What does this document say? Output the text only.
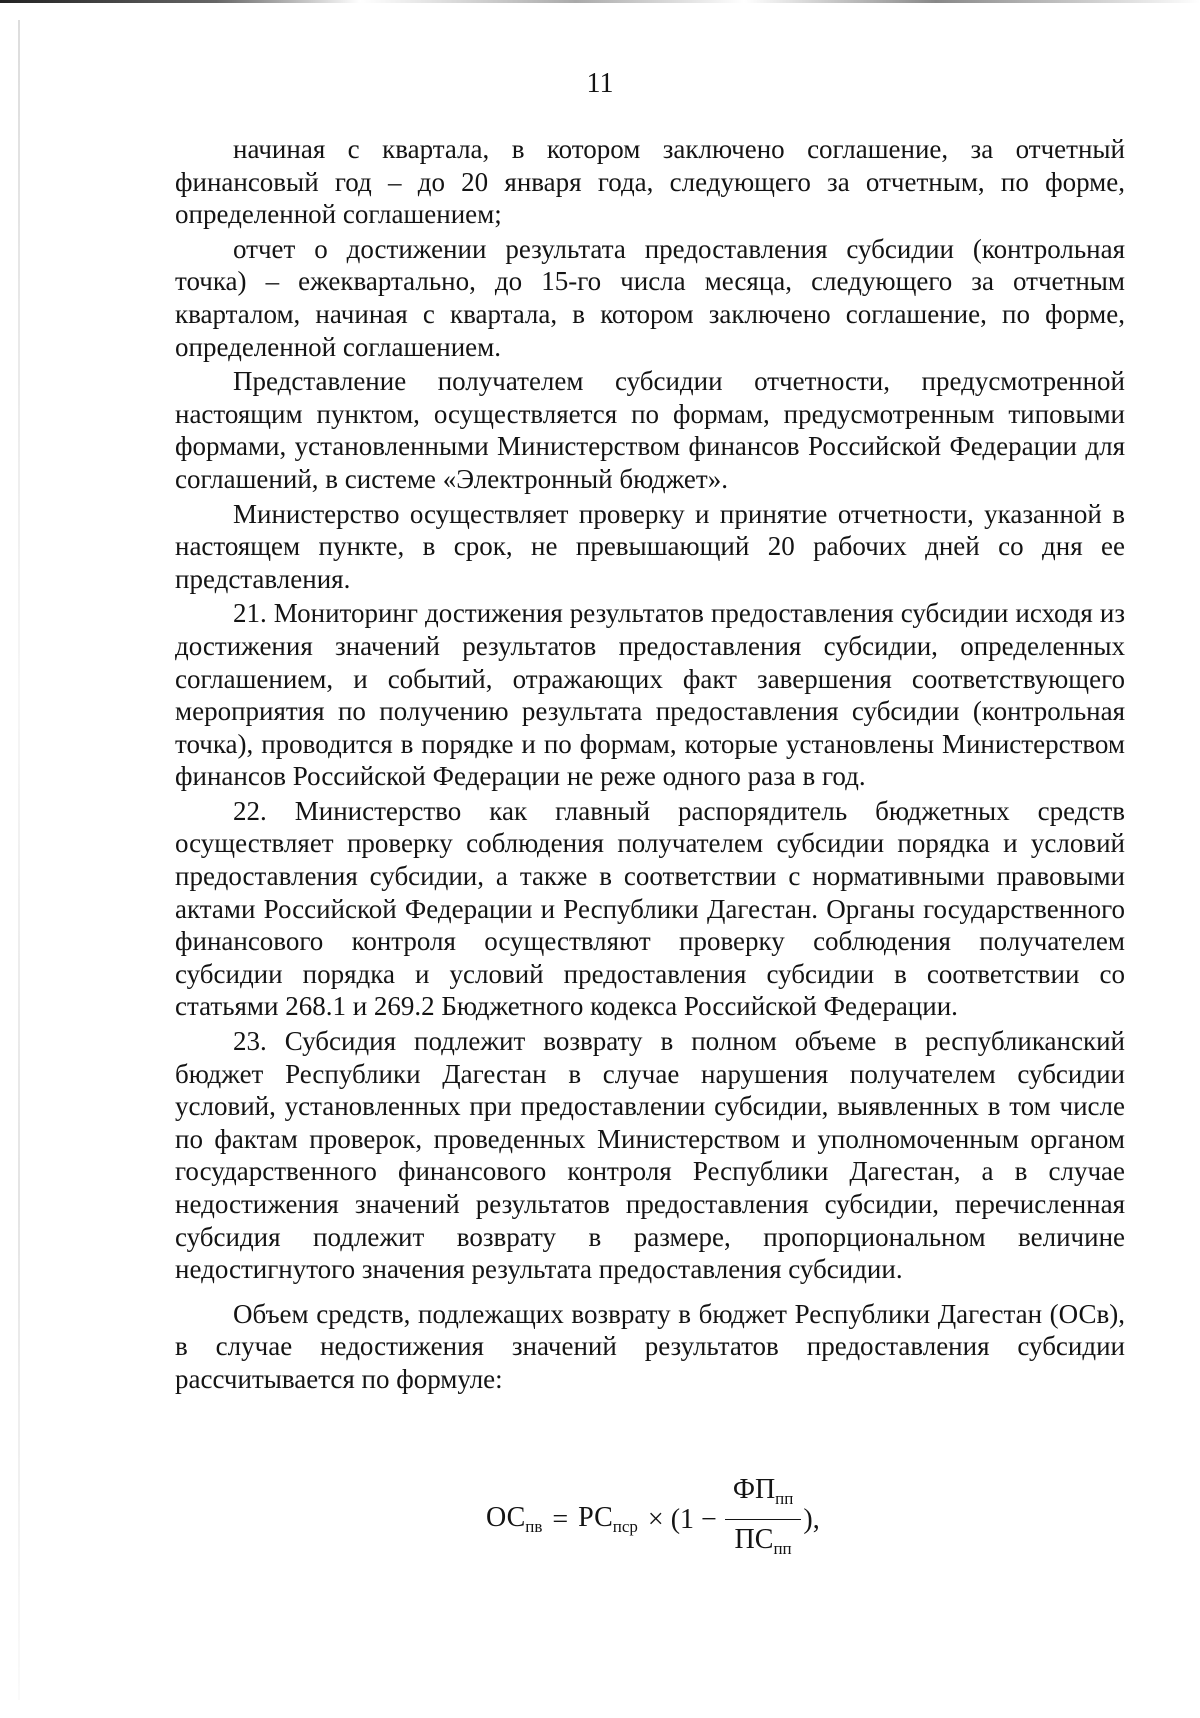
11

начиная с квартала, в котором заключено соглашение, за отчетный финансовый год – до 20 января года, следующего за отчетным, по форме, определенной соглашением;

отчет о достижении результата предоставления субсидии (контрольная точка) – ежеквартально, до 15-го числа месяца, следующего за отчетным кварталом, начиная с квартала, в котором заключено соглашение, по форме, определенной соглашением.

Представление получателем субсидии отчетности, предусмотренной настоящим пунктом, осуществляется по формам, предусмотренным типовыми формами, установленными Министерством финансов Российской Федерации для соглашений, в системе «Электронный бюджет».

Министерство осуществляет проверку и принятие отчетности, указанной в настоящем пункте, в срок, не превышающий 20 рабочих дней со дня ее представления.

21. Мониторинг достижения результатов предоставления субсидии исходя из достижения значений результатов предоставления субсидии, определенных соглашением, и событий, отражающих факт завершения соответствующего мероприятия по получению результата предоставления субсидии (контрольная точка), проводится в порядке и по формам, которые установлены Министерством финансов Российской Федерации не реже одного раза в год.

22. Министерство как главный распорядитель бюджетных средств осуществляет проверку соблюдения получателем субсидии порядка и условий предоставления субсидии, а также в соответствии с нормативными правовыми актами Российской Федерации и Республики Дагестан. Органы государственного финансового контроля осуществляют проверку соблюдения получателем субсидии порядка и условий предоставления субсидии в соответствии со статьями 268.1 и 269.2 Бюджетного кодекса Российской Федерации.

23. Субсидия подлежит возврату в полном объеме в республиканский бюджет Республики Дагестан в случае нарушения получателем субсидии условий, установленных при предоставлении субсидии, выявленных в том числе по фактам проверок, проведенных Министерством и уполномоченным органом государственного финансового контроля Республики Дагестан, а в случае недостижения значений результатов предоставления субсидии, перечисленная субсидия подлежит возврату в размере, пропорциональном величине недостигнутого значения результата предоставления субсидии.

Объем средств, подлежащих возврату в бюджет Республики Дагестан (ОСв), в случае недостижения значений результатов предоставления субсидии рассчитывается по формуле:

$ОС_{пв} = РС_{пср} \times (1 - \frac{ФП_{пп}}{ПС_{пп}}$ ),
